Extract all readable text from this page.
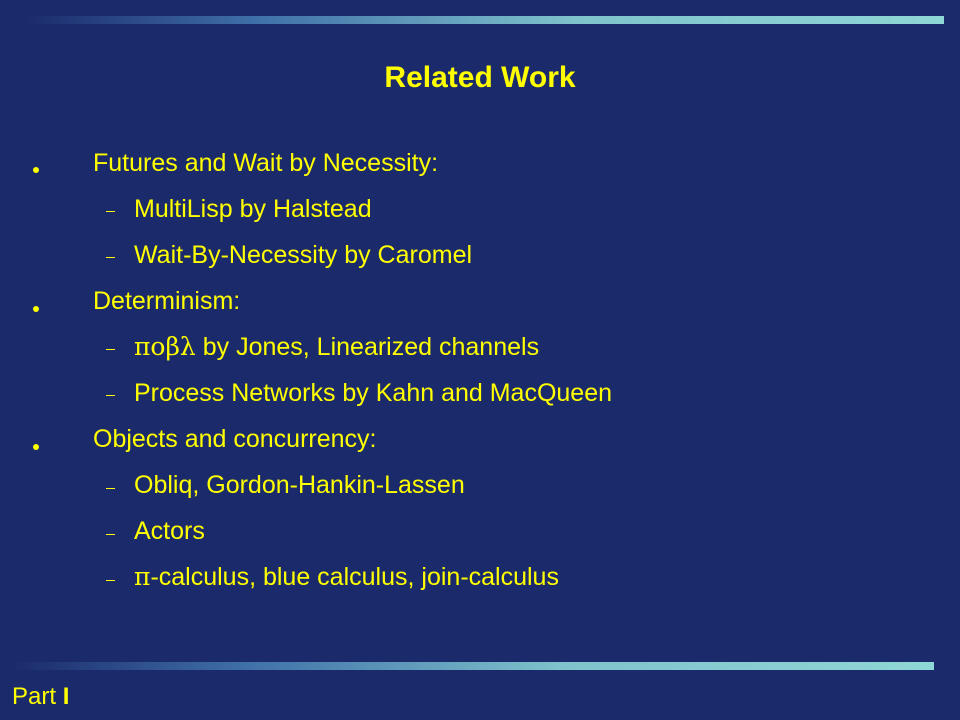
Related Work
Futures and Wait by Necessity:
MultiLisp by Halstead
Wait-By-Necessity by Caromel
Determinism:
ποβλ by Jones, Linearized channels
Process Networks by Kahn and MacQueen
Objects and concurrency:
Obliq, Gordon-Hankin-Lassen
Actors
π-calculus, blue calculus, join-calculus
Part I
